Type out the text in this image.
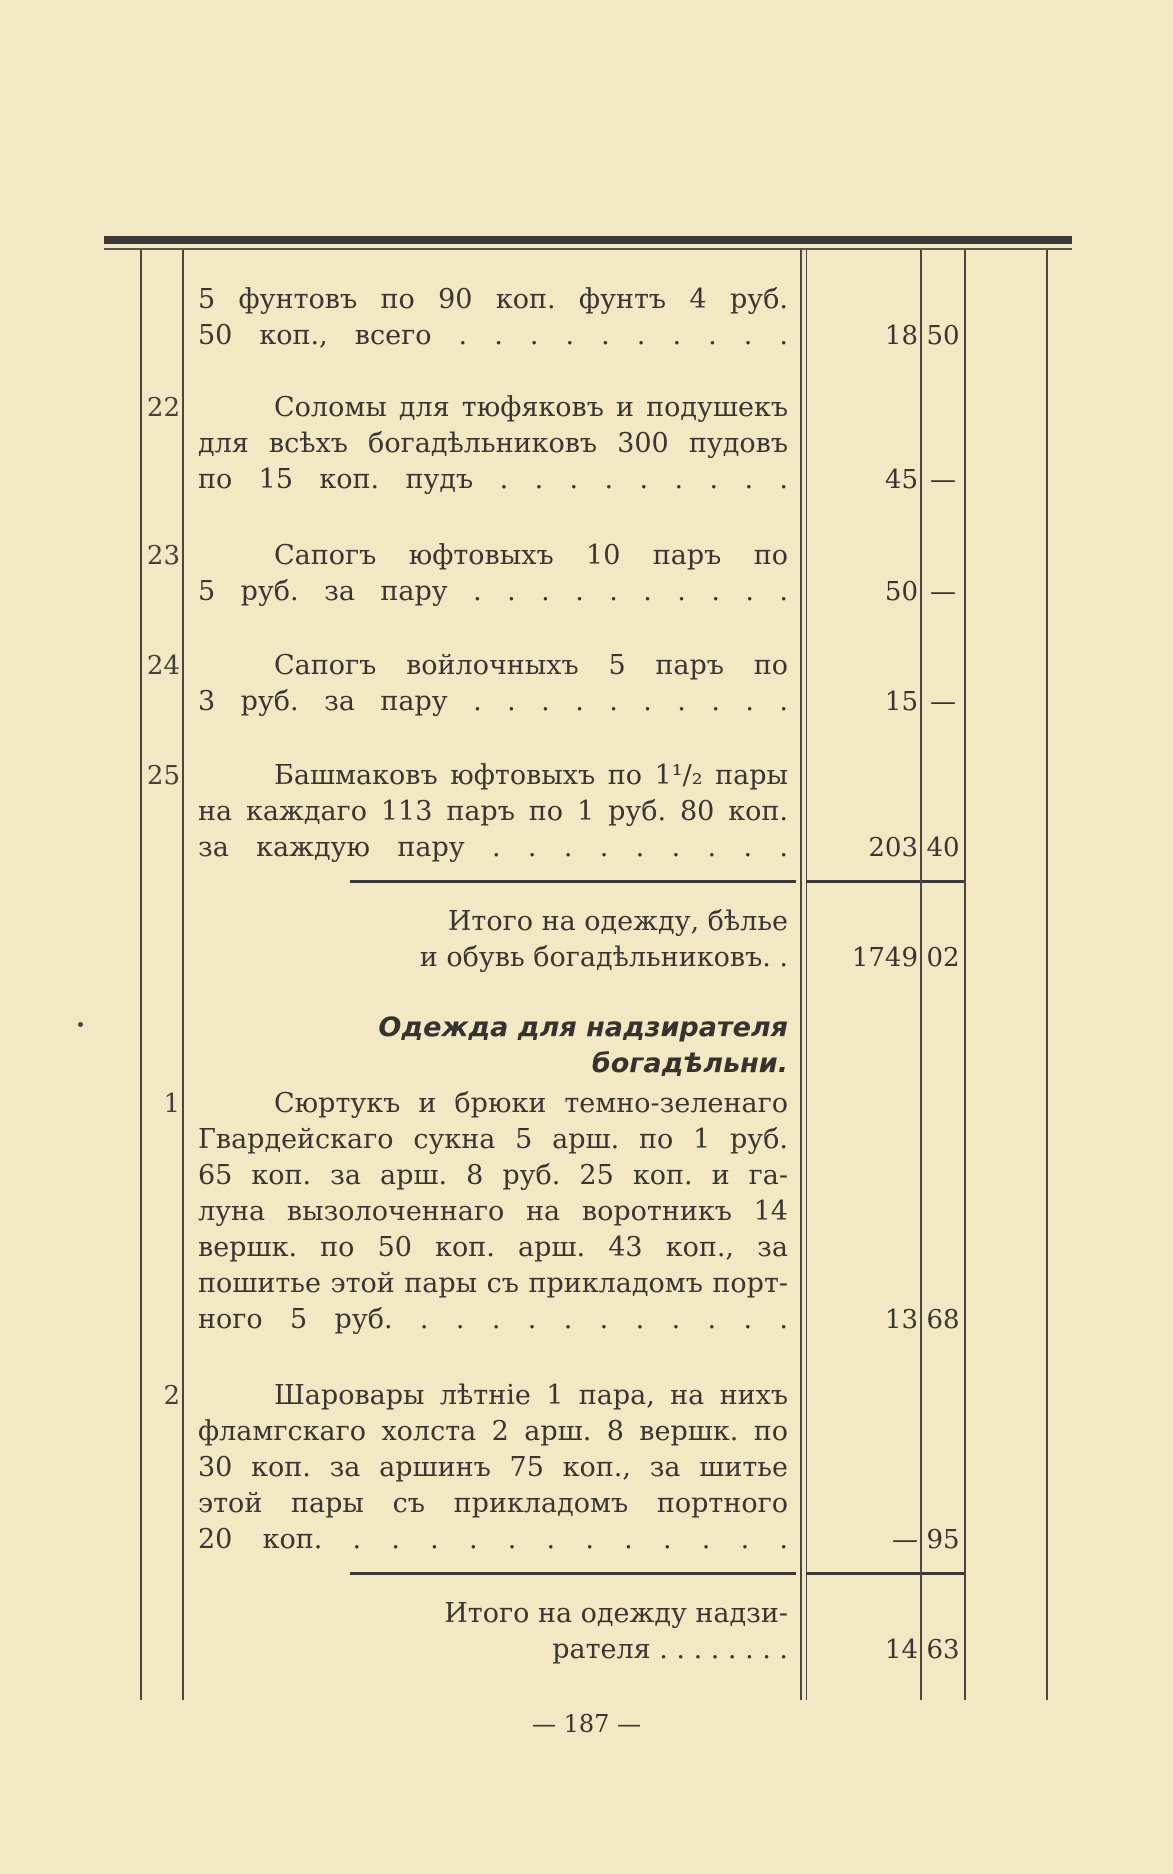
5 фунтовъ по 90 коп. фунтъ 4 руб.
50 коп., всего . . . . . . . . . .	18 50
22	Соломы для тюфяковъ и подушекъ
для всѣхъ богадѣльниковъ 300 пудовъ
по 15 коп. пудъ . . . . . . . . .	45 —
23	Сапогъ юфтовыхъ 10 паръ по
5 руб. за пару . . . . . . . . . .	50 —
24	Сапогъ войлочныхъ 5 паръ по
3 руб. за пару . . . . . . . . . .	15 —
25	Башмаковъ юфтовыхъ по 1¹/₂ пары
на каждаго 113 паръ по 1 руб. 80 коп.
за каждую пару . . . . . . . . .	203 40
Итого на одежду, бѣлье
и обувь богадѣльниковъ. .	1749 02
Одежда для надзирателя богадѣльни.
1	Сюртукъ и брюки темно-зеленаго
Гвардейскаго сукна 5 арш. по 1 руб.
65 коп. за арш. 8 руб. 25 коп. и га-
луна вызолоченнаго на воротникъ 14
вершк. по 50 коп. арш. 43 коп., за
пошитье этой пары съ прикладомъ порт-
ного 5 руб. . . . . . . . . . . .	13 68
2	Шаровары лѣтніе 1 пара, на нихъ
фламгскаго холста 2 арш. 8 вершк. по
30 коп. за аршинъ 75 коп., за шитье
этой пары съ прикладомъ портного
20 коп. . . . . . . . . . . . .	— 95
Итого на одежду надзи-
рателя . . . . . . . .	14 63
— 187 —
